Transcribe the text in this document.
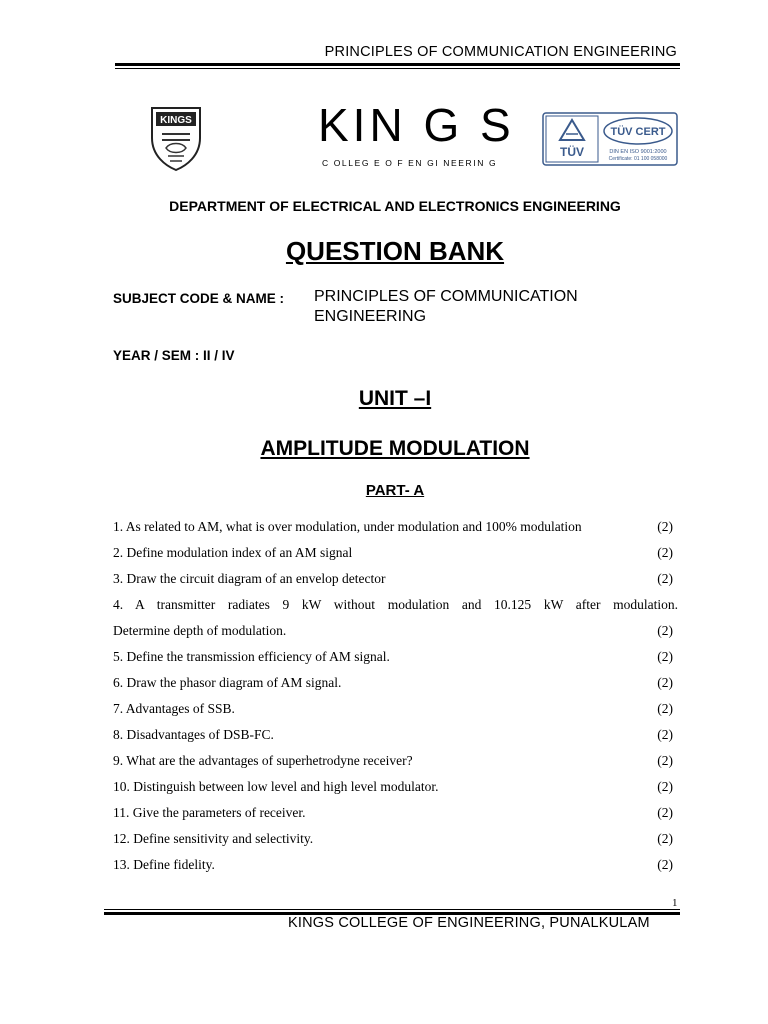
PRINCIPLES OF COMMUNICATION ENGINEERING
KINGS	KIN G S
C OLLEG E O F EN GI NEERIN G
TÜV
TÜV CERT
DIN EN ISO 9001:2000
Certificate: 01 100 058000
DEPARTMENT OF ELECTRICAL AND ELECTRONICS ENGINEERING
QUESTION BANK
SUBJECT CODE & NAME : PRINCIPLES OF COMMUNICATION
ENGINEERING
YEAR / SEM : II / IV
UNIT –I
AMPLITUDE MODULATION
PART- A
1. As related to AM, what is over modulation, under modulation and 100% modulation	(2)
2. Define modulation index of an AM signal	(2)
3. Draw the circuit diagram of an envelop detector	(2)
4. A transmitter radiates 9 kW without modulation and 10.125 kW after modulation.
Determine depth of modulation.	(2)
5. Define the transmission efficiency of AM signal.	(2)
6. Draw the phasor diagram of AM signal.	(2)
7. Advantages of SSB.	(2)
8. Disadvantages of DSB-FC.	(2)
9. What are the advantages of superhetrodyne receiver?	(2)
10. Distinguish between low level and high level modulator.	(2)
11. Give the parameters of receiver.	(2)
12. Define sensitivity and selectivity.	(2)
13. Define fidelity.	(2)
1
KINGS COLLEGE OF ENGINEERING, PUNALKULAM
